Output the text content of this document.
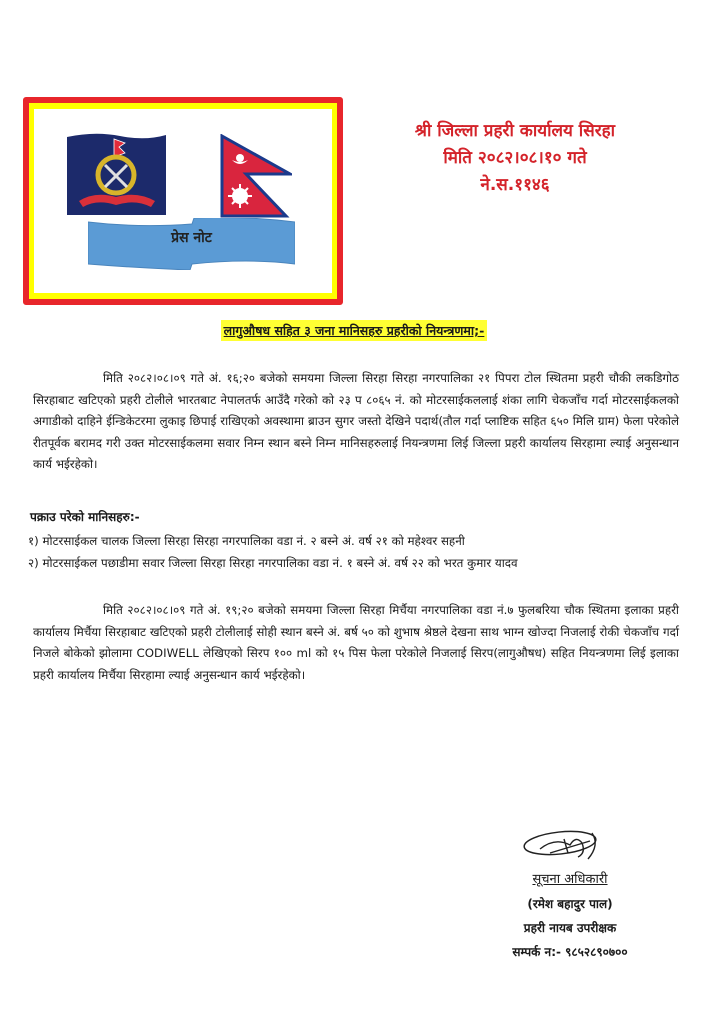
प्रेस नोट
श्री जिल्ला प्रहरी कार्यालय सिरहा
मिति २०८२।०८।१० गते
ने.स.११४६
लागुऔषध सहित ३ जना मानिसहरु प्रहरीको नियन्त्रणमा;-
मिति २०८२।०८।०९ गते अं. १६;२० बजेको समयमा जिल्ला सिरहा सिरहा नगरपालिका २१ पिपरा टोल स्थितमा प्रहरी चौकी लकडिगोठ सिरहाबाट खटिएको प्रहरी टोलीले भारतबाट नेपालतर्फ आउँदै गरेको को २३ प ८०६५ नं. को मोटरसाईकललाई शंका लागि चेकजाँच गर्दा मोटरसाईकलको अगाडीको दाहिने ईन्डिकेटरमा लुकाइ छिपाई राखिएको अवस्थामा ब्राउन सुगर जस्तो देखिने पदार्थ(तौल गर्दा प्लाष्टिक सहित ६५० मिलि ग्राम) फेला परेकोले रीतपूर्वक बरामद गरी उक्त मोटरसाईकलमा सवार निम्न स्थान बस्ने निम्न मानिसहरुलाई नियन्त्रणमा लिई जिल्ला प्रहरी कार्यालय सिरहामा ल्याई अनुसन्धान कार्य भईरहेको।
पक्राउ परेको मानिसहरु:-
१) मोटरसाईकल चालक जिल्ला सिरहा सिरहा नगरपालिका वडा नं. २ बस्ने अं. वर्ष २१ को महेश्वर सहनी
२) मोटरसाईकल पछाडीमा सवार जिल्ला सिरहा सिरहा नगरपालिका वडा नं. १ बस्ने अं. वर्ष २२ को भरत कुमार यादव
मिति २०८२।०८।०९ गते अं. १९;२० बजेको समयमा जिल्ला सिरहा मिर्चैया नगरपालिका वडा नं.७ फुलबरिया चौक स्थितमा इलाका प्रहरी कार्यालय मिर्चैया सिरहाबाट खटिएको प्रहरी टोलीलाई सोही स्थान बस्ने अं. बर्ष ५० को शुभाष श्रेष्ठले देखना साथ भाग्न खोज्दा निजलाई रोकी चेकजाँच गर्दा निजले बोकेको झोलामा CODIWELL लेखिएको सिरप १०० ml को १५ पिस फेला परेकोले निजलाई सिरप(लागुऔषध) सहित नियन्त्रणमा लिई इलाका प्रहरी कार्यालय मिर्चैया सिरहामा ल्याई अनुसन्धान कार्य भईरहेको।
सूचना अधिकारी
(रमेश बहादुर पाल)
प्रहरी नायब उपरीक्षक
सम्पर्क न:- ९८५२८९०७००
